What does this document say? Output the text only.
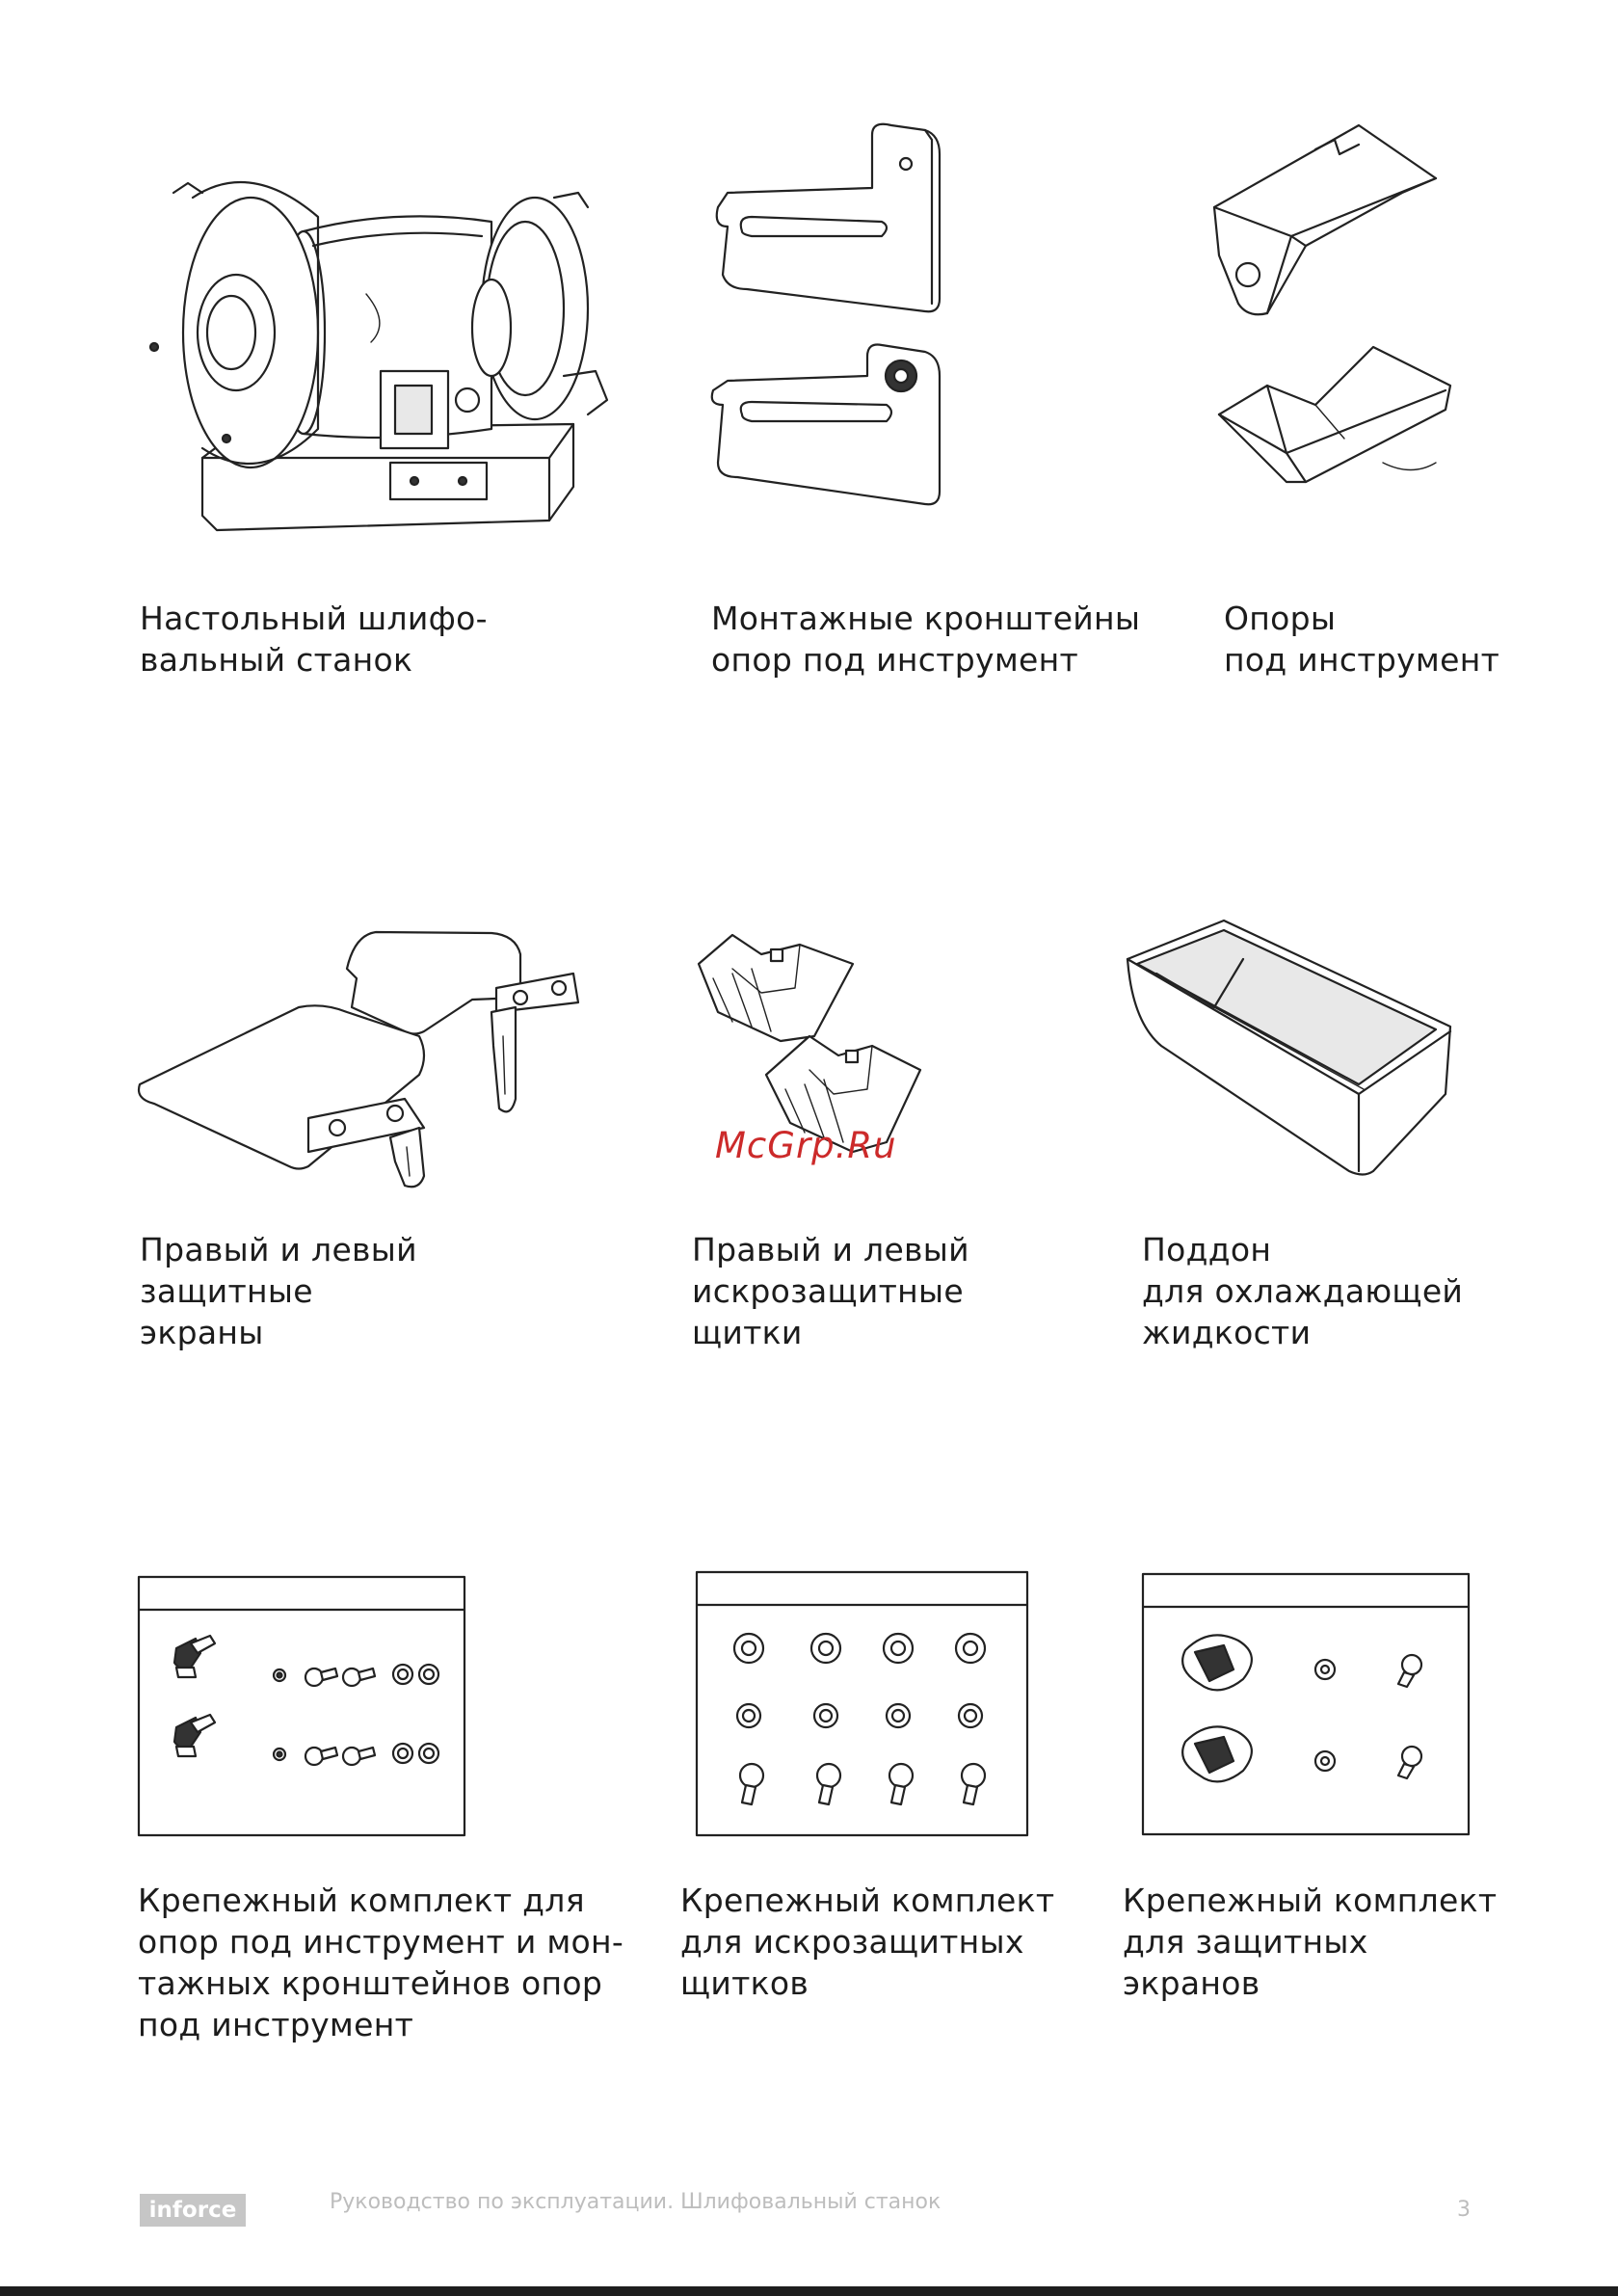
Настольный шлифо-
вальный станок
Монтажные кронштейны
опор под инструмент
Опоры
под инструмент
McGrp.Ru
Правый и левый
защитные
экраны
Правый и левый
искрозащитные
щитки
Поддон
для охлаждающей
жидкости
Крепежный комплект для
опор под инструмент и мон-
тажных кронштейнов опор
под инструмент
Крепежный комплект
для искрозащитных
щитков
Крепежный комплект
для защитных
экранов
inforce	Руководство по эксплуатации. Шлифовальный станок	3
